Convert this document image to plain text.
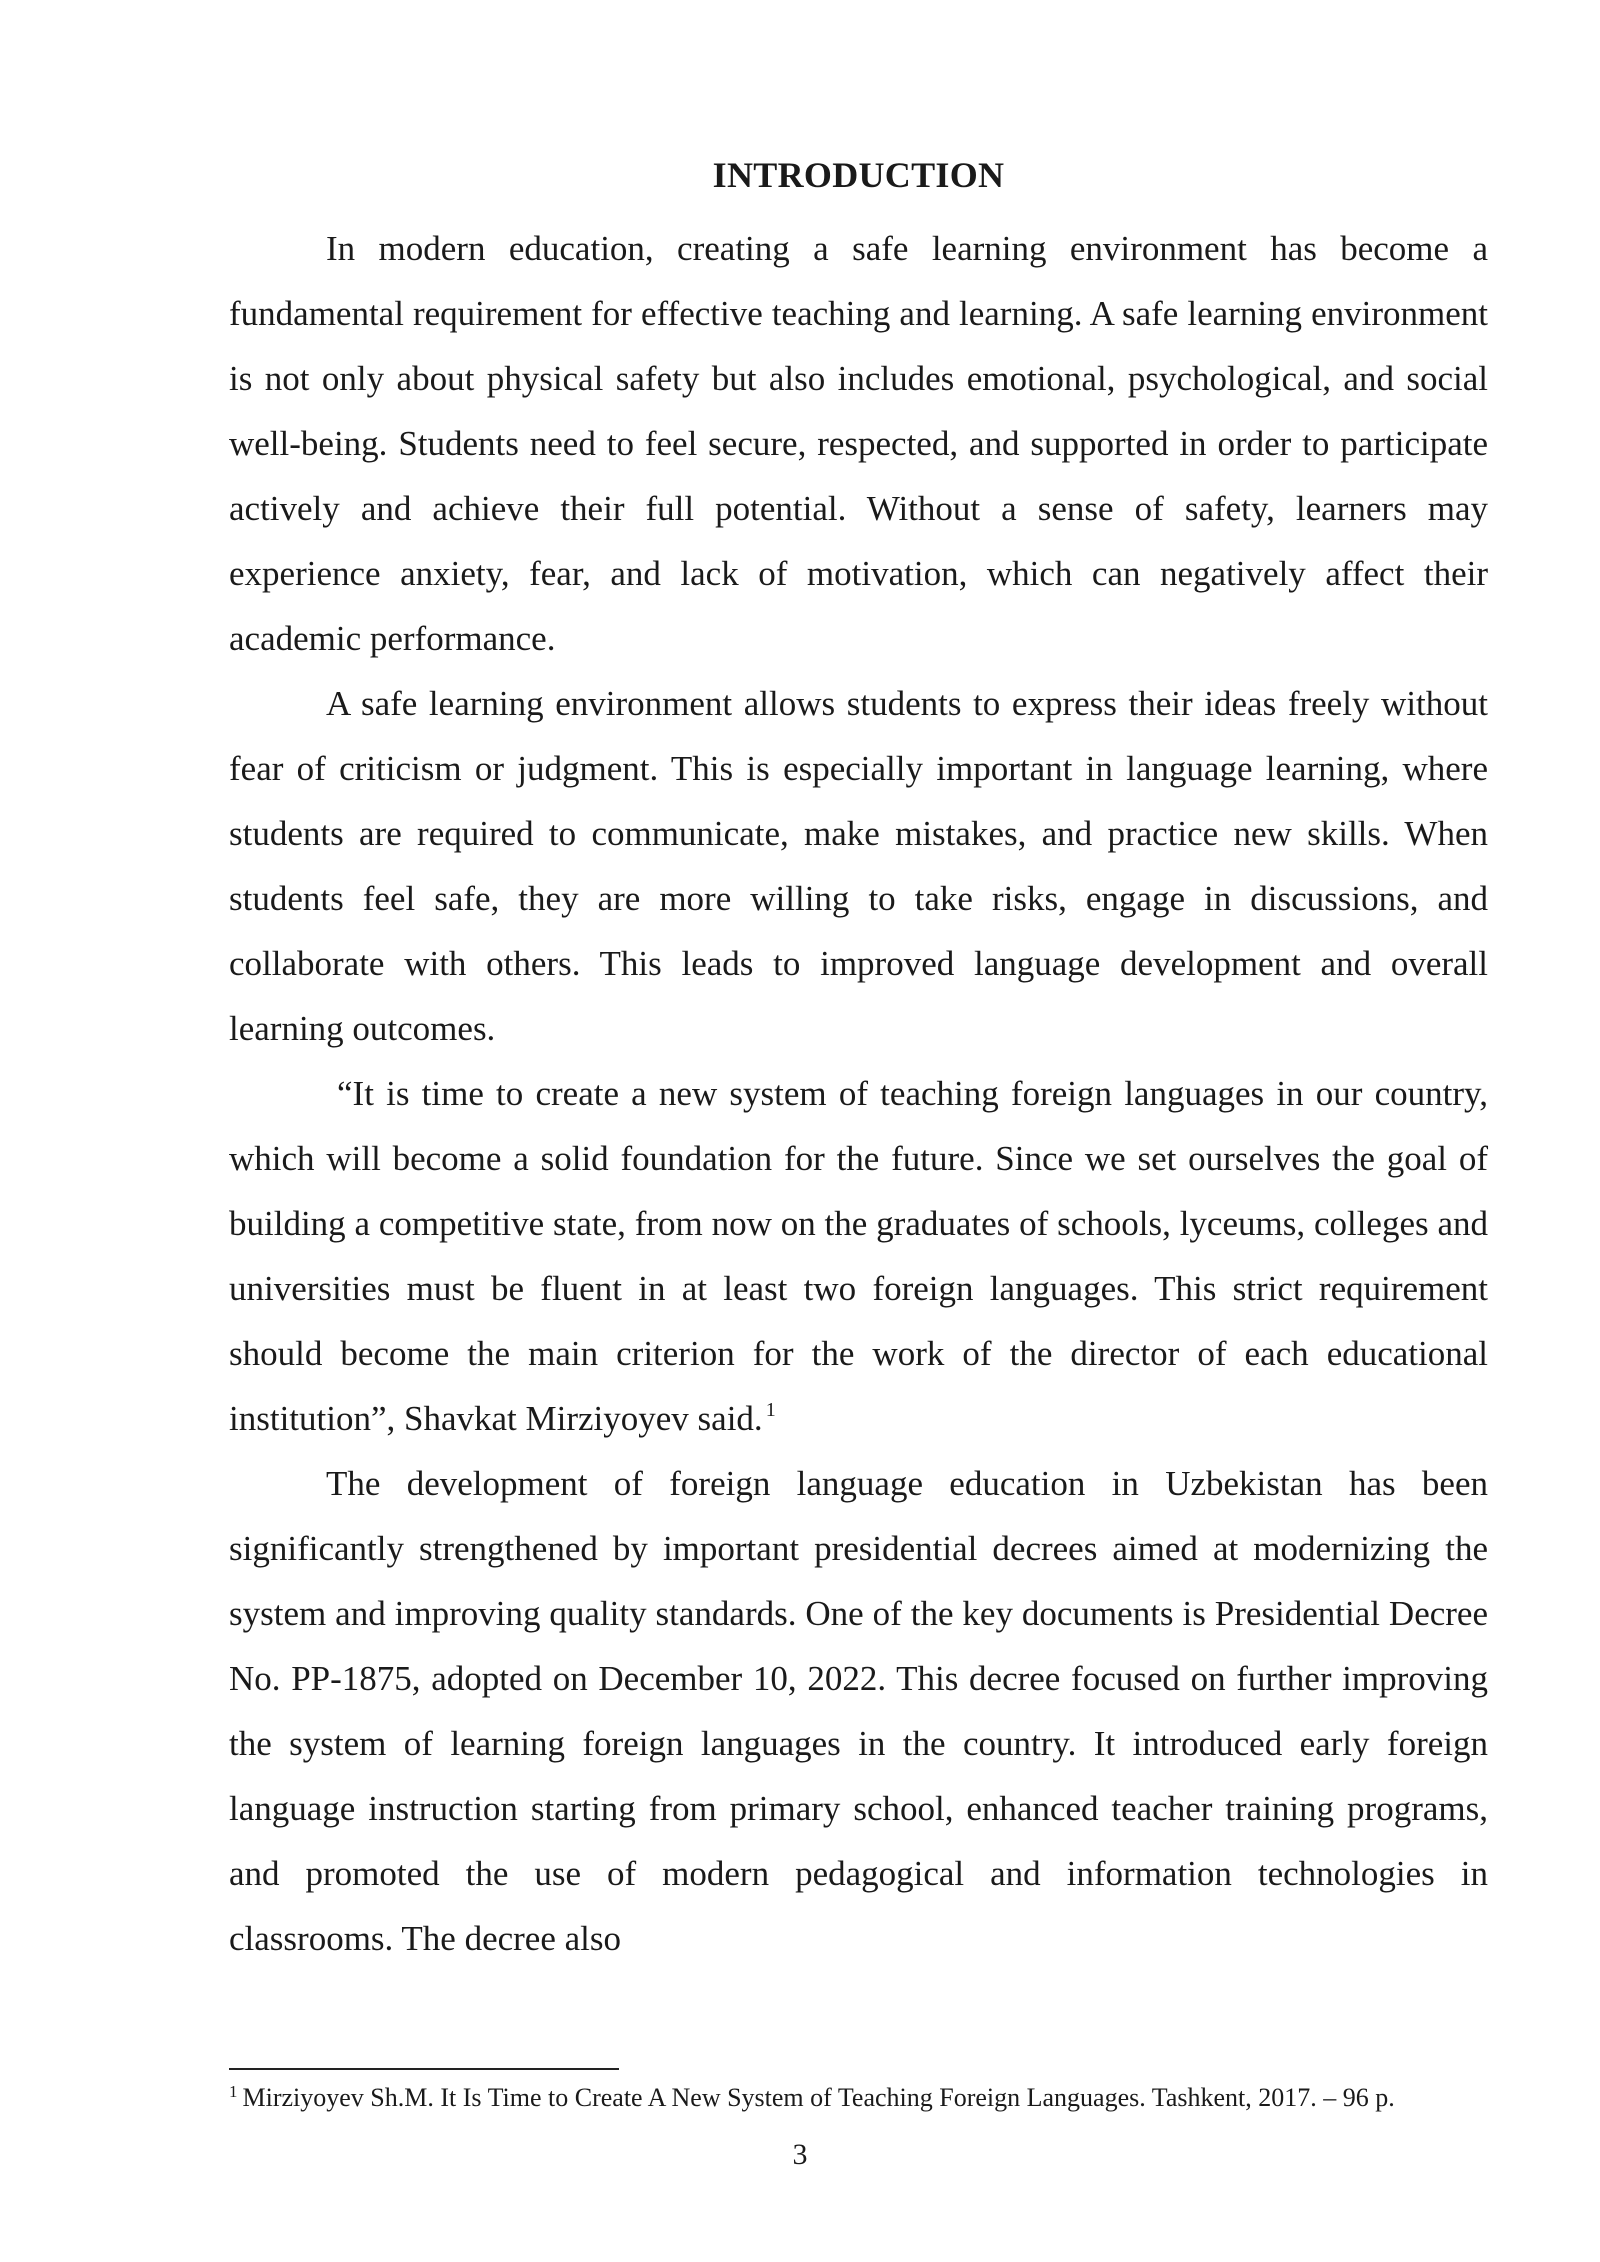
INTRODUCTION

In modern education, creating a safe learning environment has become a fundamental requirement for effective teaching and learning. A safe learning environment is not only about physical safety but also includes emotional, psychological, and social well-being. Students need to feel secure, respected, and supported in order to participate actively and achieve their full potential. Without a sense of safety, learners may experience anxiety, fear, and lack of motivation, which can negatively affect their academic performance.

A safe learning environment allows students to express their ideas freely without fear of criticism or judgment. This is especially important in language learning, where students are required to communicate, make mistakes, and practice new skills. When students feel safe, they are more willing to take risks, engage in discussions, and collaborate with others. This leads to improved language development and overall learning outcomes.

“It is time to create a new system of teaching foreign languages in our country, which will become a solid foundation for the future. Since we set ourselves the goal of building a competitive state, from now on the graduates of schools, lyceums, colleges and universities must be fluent in at least two foreign languages. This strict requirement should become the main criterion for the work of the director of each educational institution”, Shavkat Mirziyoyev said. $^1$

The development of foreign language education in Uzbekistan has been significantly strengthened by important presidential decrees aimed at modernizing the system and improving quality standards. One of the key documents is Presidential Decree No. PP-1875, adopted on December 10, 2022. This decree focused on further improving the system of learning foreign languages in the country. It introduced early foreign language instruction starting from primary school, enhanced teacher training programs, and promoted the use of modern pedagogical and information technologies in classrooms. The decree also

$^1$ Mirziyoyev Sh.M. It Is Time to Create A New System of Teaching Foreign Languages. Tashkent, 2017. – 96 p.

3
